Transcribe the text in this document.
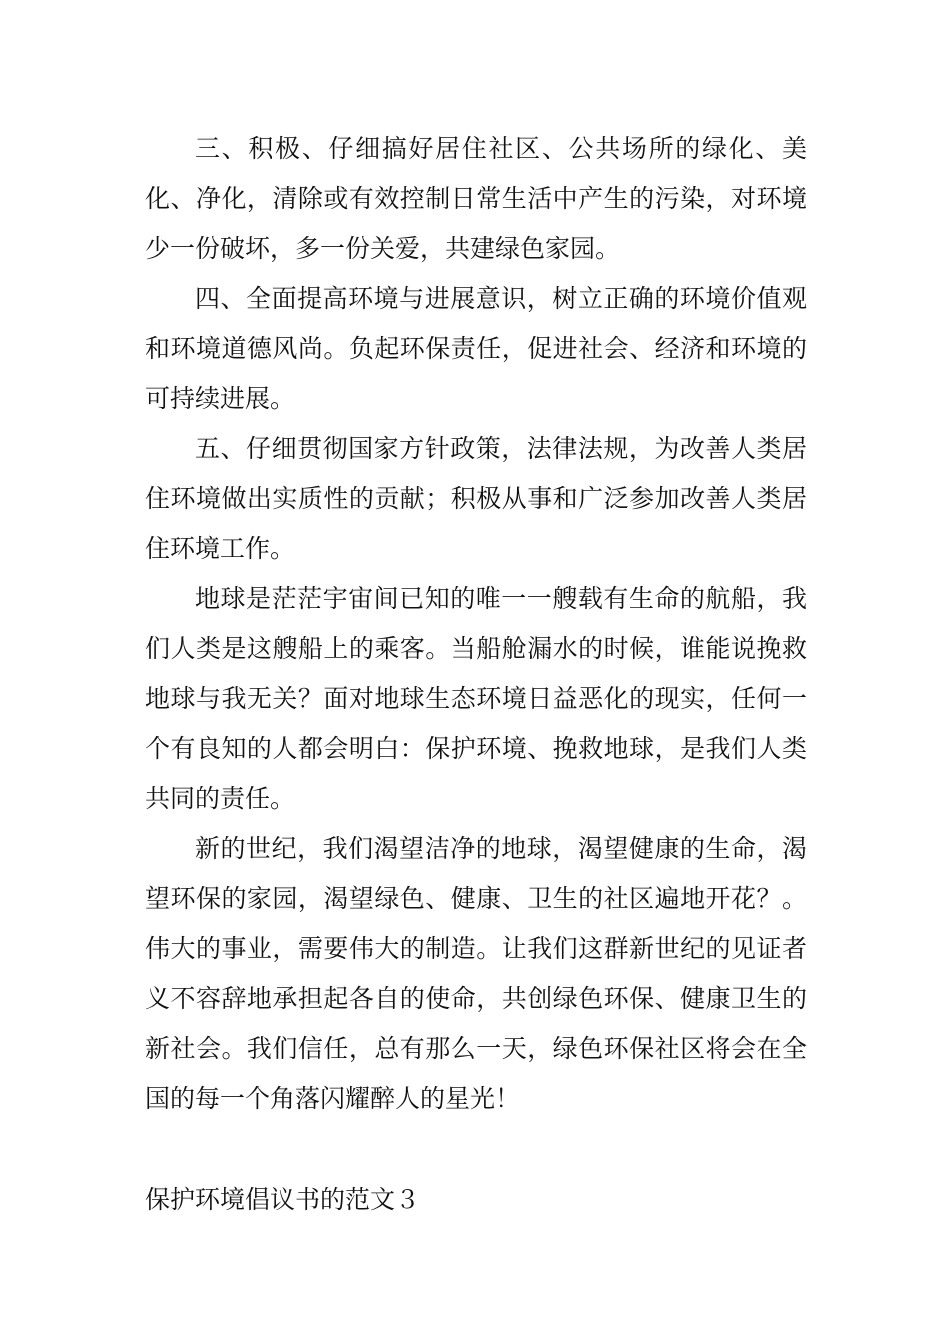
三、积极、仔细搞好居住社区、公共场所的绿化、美化、净化，清除或有效控制日常生活中产生的污染，对环境少一份破坏，多一份关爱，共建绿色家园。

四、全面提高环境与进展意识，树立正确的环境价值观和环境道德风尚。负起环保责任，促进社会、经济和环境的可持续进展。

五、仔细贯彻国家方针政策，法律法规，为改善人类居住环境做出实质性的贡献；积极从事和广泛参加改善人类居住环境工作。

地球是茫茫宇宙间已知的唯一一艘载有生命的航船，我们人类是这艘船上的乘客。当船舱漏水的时候，谁能说挽救地球与我无关？面对地球生态环境日益恶化的现实，任何一个有良知的人都会明白：保护环境、挽救地球，是我们人类共同的责任。

新的世纪，我们渴望洁净的地球，渴望健康的生命，渴望环保的家园，渴望绿色、健康、卫生的社区遍地开花？。伟大的事业，需要伟大的制造。让我们这群新世纪的见证者义不容辞地承担起各自的使命，共创绿色环保、健康卫生的新社会。我们信任，总有那么一天，绿色环保社区将会在全国的每一个角落闪耀醉人的星光！

保护环境倡议书的范文３
